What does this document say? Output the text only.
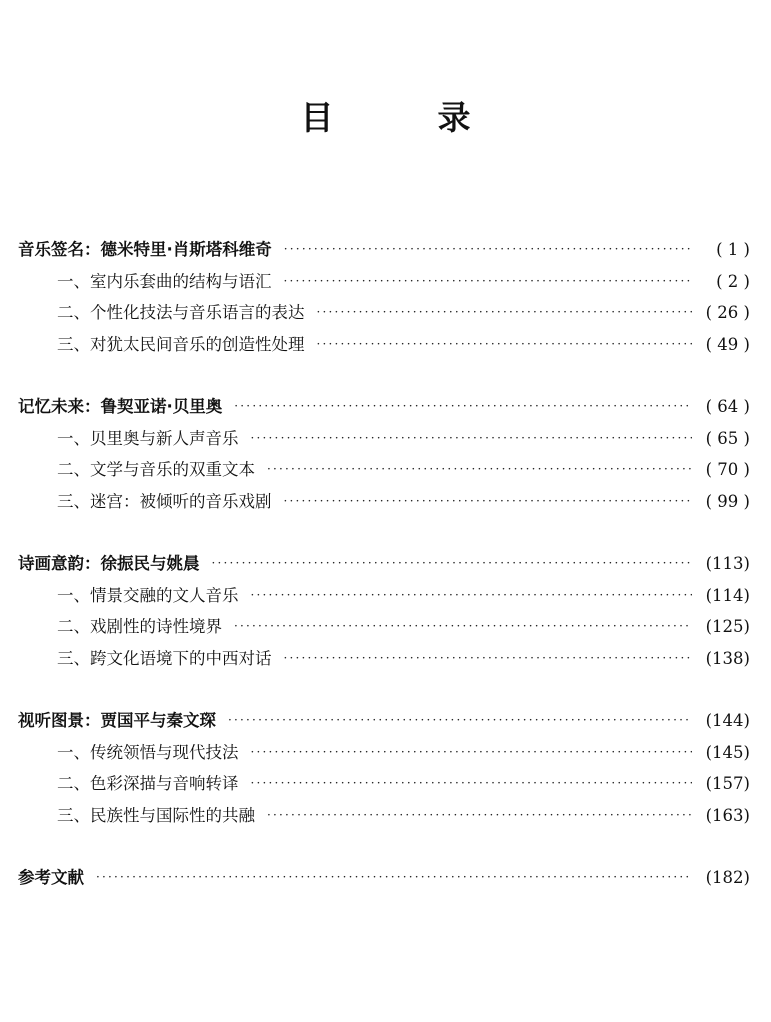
目	录
音乐签名：德米特里·肖斯塔科维奇 ·····	( 1 )
一、室内乐套曲的结构与语汇 ·····	( 2 )
二、个性化技法与音乐语言的表达 ·····	( 26 )
三、对犹太民间音乐的创造性处理 ·····	( 49 )
记忆未来：鲁契亚诺·贝里奥 ·····	( 64 )
一、贝里奥与新人声音乐 ·····	( 65 )
二、文学与音乐的双重文本 ·····	( 70 )
三、迷宫：被倾听的音乐戏剧 ·····	( 99 )
诗画意韵：徐振民与姚晨 ·····	(113)
一、情景交融的文人音乐 ·····	(114)
二、戏剧性的诗性境界 ·····	(125)
三、跨文化语境下的中西对话 ·····	(138)
视听图景：贾国平与秦文琛 ·····	(144)
一、传统领悟与现代技法 ·····	(145)
二、色彩深描与音响转译 ·····	(157)
三、民族性与国际性的共融 ·····	(163)
参考文献 ·····	(182)
